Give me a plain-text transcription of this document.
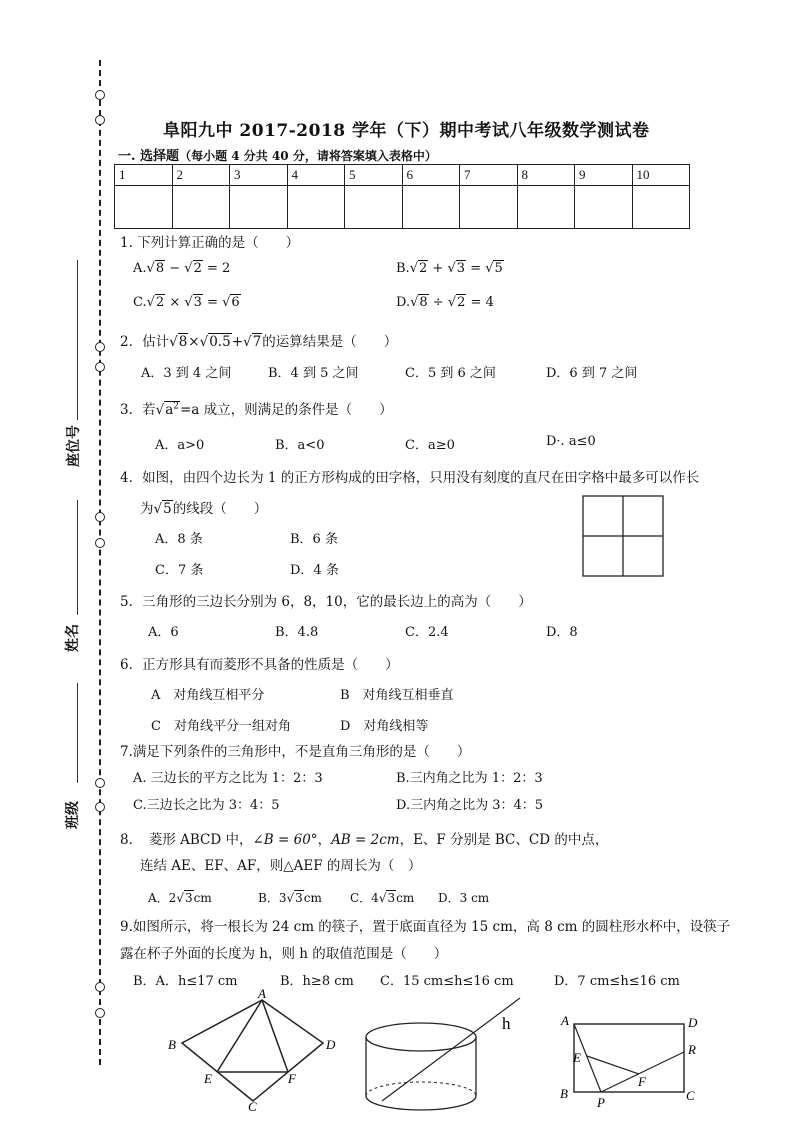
座位号
姓名
班级
阜阳九中 2017-2018 学年（下）期中考试八年级数学测试卷
一. 选择题（每小题 4 分共 40 分，请将答案填入表格中）
1	2	3	4	5	6	7	8	9	10

1. 下列计算正确的是（　　）
A.√8 − √2 = 2	B.√2 + √3 = √5
C.√2 × √3 = √6	D.√8 ÷ √2 = 4
2．估计√8×√0.5+√7的运算结果是（　　）
A．3 到 4 之间	B．4 到 5 之间	C．5 到 6 之间	D．6 到 7 之间
3．若$√a^2=a$ 成立，则满足的条件是（　　）
A．a>0	B．a<0	C．a≥0	D·. a≤0
4．如图，由四个边长为 1 的正方形构成的田字格，只用没有刻度的直尺在田字格中最多可以作长
为√5的线段（　　）
A．8 条	B．6 条
C．7 条	D．4 条
5．三角形的三边长分别为 6，8，10，它的最长边上的高为（　　）
A．6	B．4.8	C．2.4	D．8
6．正方形具有而菱形不具备的性质是（　　）
A　对角线互相平分	B　对角线互相垂直
C　对角线平分一组对角	D　对角线相等
7.满足下列条件的三角形中，不是直角三角形的是（　　）
A. 三边长的平方之比为 1：2：3	B.三内角之比为 1：2：3
C.三边长之比为 3：4：5	D.三内角之比为 3：4：5
8．　菱形 ABCD 中，∠B = 60°，AB = 2cm，E、F 分别是 BC、CD 的中点，
连结 AE、EF、AF，则△AEF 的周长为（　）
A．2√3cm	B．3√3cm C．4√3cm D．3 cm
9.如图所示，将一根长为 24 cm 的筷子，置于底面直径为 15 cm，高 8 cm 的圆柱形水杯中，设筷子
露在杯子外面的长度为 h，则 h 的取值范围是（　　）
B．A．h≤17 cm	B．h≥8 cm C．15 cm≤h≤16 cm	D．7 cm≤h≤16 cm
A
B
C
D
E	F
h	A	D
R
E
F
B
P	C
